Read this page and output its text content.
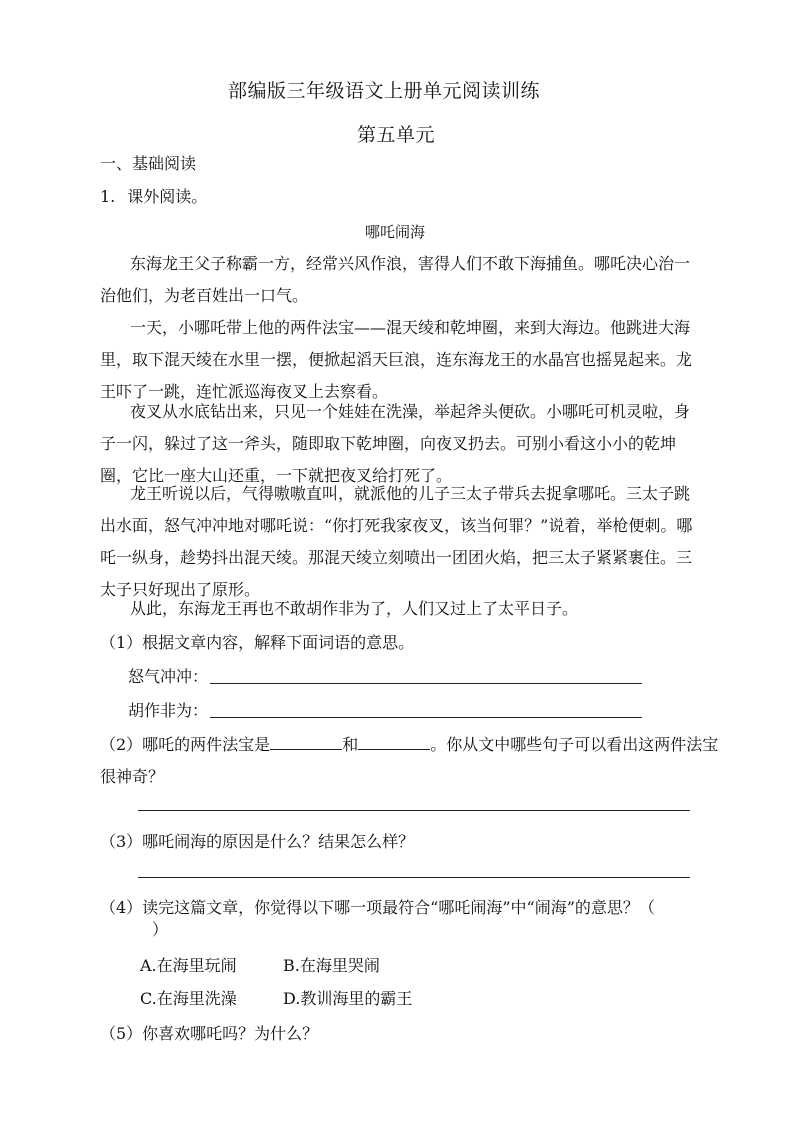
部编版三年级语文上册单元阅读训练
第五单元
一、基础阅读
1. 课外阅读。
哪吒闹海
东海龙王父子称霸一方，经常兴风作浪，害得人们不敢下海捕鱼。哪吒决心治一治他们，为老百姓出一口气。
一天，小哪吒带上他的两件法宝——混天绫和乾坤圈，来到大海边。他跳进大海里，取下混天绫在水里一摆，便掀起滔天巨浪，连东海龙王的水晶宫也摇晃起来。龙王吓了一跳，连忙派巡海夜叉上去察看。
夜叉从水底钻出来，只见一个娃娃在洗澡，举起斧头便砍。小哪吒可机灵啦，身子一闪，躲过了这一斧头，随即取下乾坤圈，向夜叉扔去。可别小看这小小的乾坤圈，它比一座大山还重，一下就把夜叉给打死了。
龙王听说以后，气得嗷嗷直叫，就派他的儿子三太子带兵去捉拿哪吒。三太子跳出水面，怒气冲冲地对哪吒说：“你打死我家夜叉，该当何罪？”说着，举枪便刺。哪吒一纵身，趁势抖出混天绫。那混天绫立刻喷出一团团火焰，把三太子紧紧裹住。三太子只好现出了原形。
从此，东海龙王再也不敢胡作非为了，人们又过上了太平日子。
（1）根据文章内容，解释下面词语的意思。
怒气冲冲：
胡作非为：
（2）哪吒的两件法宝是	和	。你从文中哪些句子可以看出这两件法宝
很神奇？
（3）哪吒闹海的原因是什么？结果怎么样？
（4）读完这篇文章，你觉得以下哪一项最符合“哪吒闹海”中“闹海”的意思？（
）
A.在海里玩闹	B.在海里哭闹
C.在海里洗澡	D.教训海里的霸王
（5）你喜欢哪吒吗？为什么？
